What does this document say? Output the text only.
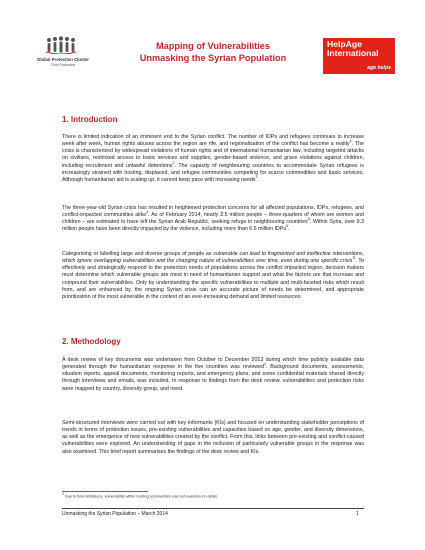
Global Protection Cluster
Child Protection
Mapping of Vulnerabilities
Unmasking the Syrian Population
HelpAge
International
age helps
1. Introduction

There is limited indication of an imminent end to the Syrian conflict. The number of IDPs and refugees continues to increase week after week, human rights abuses across the region are rife, and regionalisation of the conflict has become a reality$^1$. The crisis is characterized by widespread violations of human rights and of international humanitarian law, including targeted attacks on civilians, restricted access to basic services and supplies, gender-based violence, and grave violations against children, including recruitment and unlawful detentions$^2$. The capacity of neighbouring countries to accommodate Syrian refugees is increasingly strained with hosting, displaced, and refugee communities competing for scarce commodities and basic services. Although humanitarian aid is scaling up, it cannot keep pace with increasing needs$^3$.

The three-year-old Syrian crisis has resulted in heightened protection concerns for all affected populations, IDPs, refugees, and conflict-impacted communities alike$^4$. As of February 2014, nearly 2.5 million people – three-quarters of whom are women and children – are estimated to have left the Syrian Arab Republic, seeking refuge in neighbouring countries$^5$. Within Syria, over 9.3 million people have been directly impacted by the violence, including more than 6.5 million IDPs$^6$.

Categorising or labelling large and diverse groups of people as vulnerable can lead to fragmented and ineffective interventions, which ignore overlapping vulnerabilities and the changing nature of vulnerabilities over time, even during one specific crisis$^{”8}$. To effectively and strategically respond to the protection needs of populations across the conflict impacted region, decision makers must determine which vulnerable groups are most in need of humanitarian support and what the factors are that increase and compound their vulnerabilities. Only by understanding the specific vulnerabilities to multiple and multi-faceted risks which result from, and are enhanced by, the ongoing Syrian crisis can an accurate picture of needs be determined, and appropriate prioritization of the most vulnerable in the context of an ever-increasing demand and limited resources.

2. Methodology

A desk review of key documents was undertaken from October to December 2013 during which time publicly available data generated through the humanitarian response in the five countries was reviewed$^1$. Background documents, assessments, situation reports, appeal documents, monitoring reports, and emergency plans, and some confidential materials shared directly through interviews and emails, was included. In response to findings from the desk review, vulnerabilities and protection risks were mapped by country, diversity group, and need.

Semi-structured interviews were carried out with key informants (KIs) and focused on understanding stakeholder perceptions of trends in terms of protection issues, pre-existing vulnerabilities and capacities based on age, gender, and diversity dimensions, as well as the emergence of new vulnerabilities created by the conflict. From this, links between pre-existing and conflict-caused vulnerabilities were explored. An understanding of gaps in the inclusion of particularly vulnerable groups in the response was also examined. This brief report summarises the findings of the desk review and KIs.

$^1$ Due to time limitations, vulnerability within hosting communities was not examined in detail.
Unmasking the Syrian Population – March 2014	1
